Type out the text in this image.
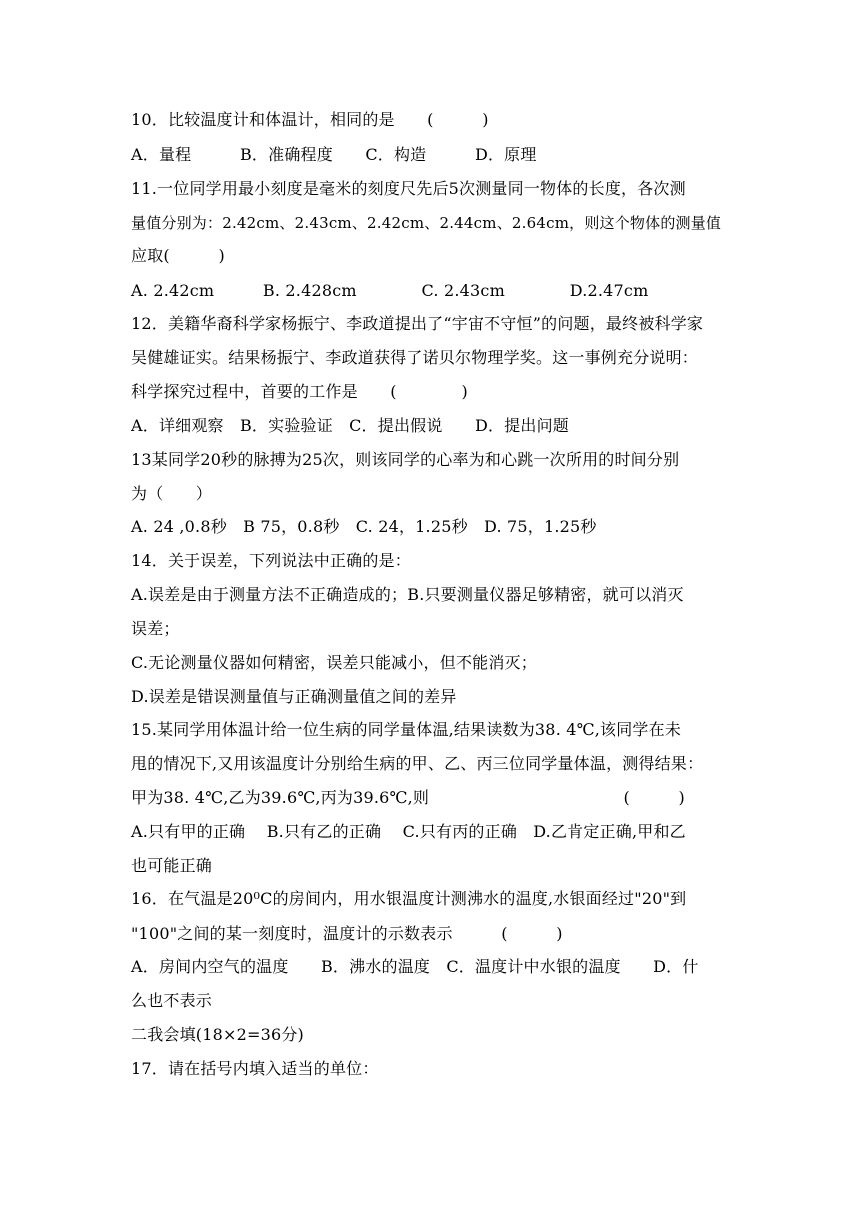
10．比较温度计和体温计，相同的是　　(　　　)
A．量程　　　B．准确程度　　C．构造　　　D．原理
11.一位同学用最小刻度是毫米的刻度尺先后5次测量同一物体的长度，各次测
量值分别为：2.42cm、2.43cm、2.42cm、2.44cm、2.64cm，则这个物体的测量值
应取(　　　)
A. 2.42cm　　　B. 2.428cm　　　　C. 2.43cm　　　　D.2.47cm
12．美籍华裔科学家杨振宁、李政道提出了“宇宙不守恒”的问题，最终被科学家
吴健雄证实。结果杨振宁、李政道获得了诺贝尔物理学奖。这一事例充分说明：
科学探究过程中，首要的工作是　　(　　　　)
A．详细观察　B．实验验证　C．提出假说　　D．提出问题
13某同学20秒的脉搏为25次，则该同学的心率为和心跳一次所用的时间分别
为（　　）
A. 24 ,0.8秒　B 75，0.8秒　C. 24，1.25秒　D. 75，1.25秒
14．关于误差，下列说法中正确的是：
A.误差是由于测量方法不正确造成的；B.只要测量仪器足够精密，就可以消灭
误差；
C.无论测量仪器如何精密，误差只能减小，但不能消灭；
D.误差是错误测量值与正确测量值之间的差异
15.某同学用体温计给一位生病的同学量体温,结果读数为38. 4℃,该同学在未
甩的情况下,又用该温度计分别给生病的甲、乙、丙三位同学量体温，测得结果：
甲为38. 4℃,乙为39.6℃,丙为39.6℃,则　　　　　　　　　　　　(　　　)
A.只有甲的正确　 B.只有乙的正确　 C.只有丙的正确　D.乙肯定正确,甲和乙
也可能正确
16．在气温是20⁰C的房间内，用水银温度计测沸水的温度,水银面经过"20"到
"100"之间的某一刻度时，温度计的示数表示　　　(　　　)
A．房间内空气的温度　　B．沸水的温度　C．温度计中水银的温度　　D．什
么也不表示
二我会填(18×2=36分)
17．请在括号内填入适当的单位：
